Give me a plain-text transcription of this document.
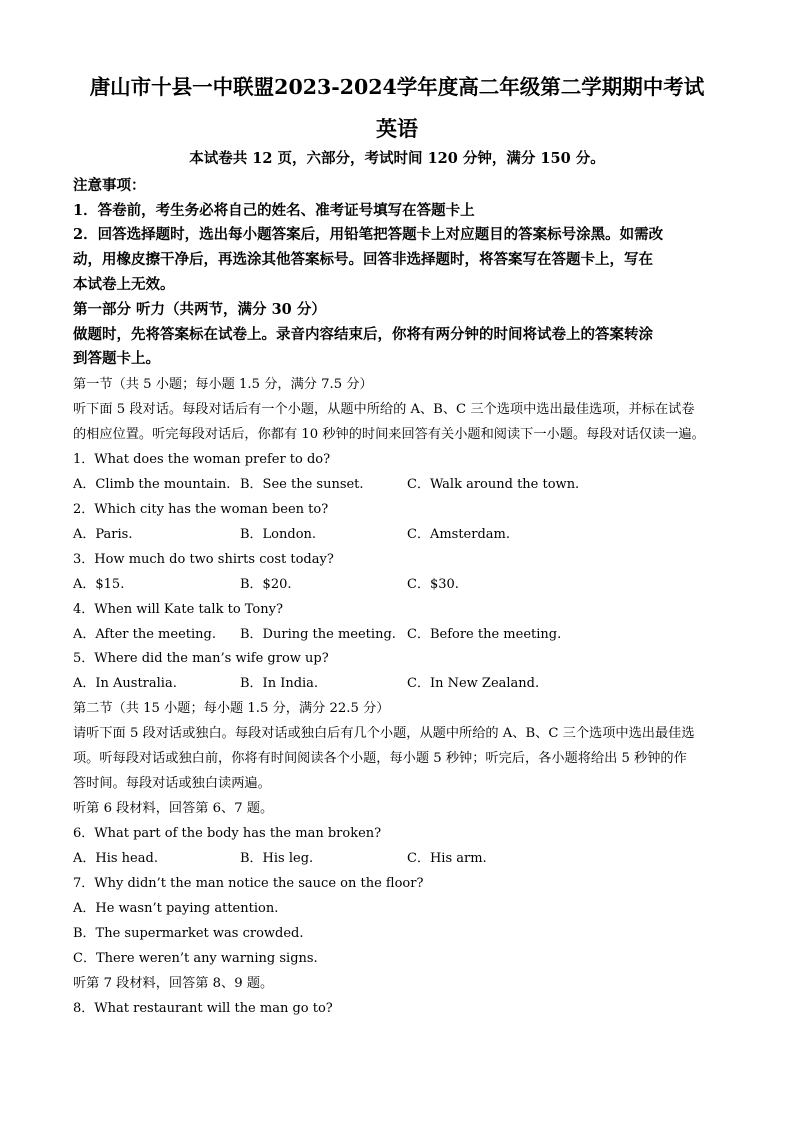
唐山市十县一中联盟2023-2024学年度高二年级第二学期期中考试
英语
本试卷共 12 页，六部分，考试时间 120 分钟，满分 150 分。
注意事项：
1．答卷前，考生务必将自己的姓名、准考证号填写在答题卡上
2．回答选择题时，选出每小题答案后，用铅笔把答题卡上对应题目的答案标号涂黑。如需改
动，用橡皮擦干净后，再选涂其他答案标号。回答非选择题时，将答案写在答题卡上，写在
本试卷上无效。
第一部分 听力（共两节，满分 30 分）
做题时，先将答案标在试卷上。录音内容结束后，你将有两分钟的时间将试卷上的答案转涂
到答题卡上。
第一节（共 5 小题；每小题 1.5 分，满分 7.5 分）
听下面 5 段对话。每段对话后有一个小题，从题中所给的 A、B、C 三个选项中选出最佳选项，并标在试卷
的相应位置。听完每段对话后，你都有 10 秒钟的时间来回答有关小题和阅读下一小题。每段对话仅读一遍。
1．What does the woman prefer to do?
A．Climb the mountain. B．See the sunset.	C．Walk around the town.
2．Which city has the woman been to?
A．Paris.	B．London.	C．Amsterdam.
3．How much do two shirts cost today?
A．$15.	B．$20.	C．$30.
4．When will Kate talk to Tony?
A．After the meeting. B．During the meeting. C．Before the meeting.
5．Where did the man’s wife grow up?
A．In Australia.	B．In India.	C．In New Zealand.
第二节（共 15 小题；每小题 1.5 分，满分 22.5 分）
请听下面 5 段对话或独白。每段对话或独白后有几个小题，从题中所给的 A、B、C 三个选项中选出最佳选
项。听每段对话或独白前，你将有时间阅读各个小题，每小题 5 秒钟；听完后，各小题将给出 5 秒钟的作
答时间。每段对话或独白读两遍。
听第 6 段材料，回答第 6、7 题。
6．What part of the body has the man broken?
A．His head.	B．His leg.	C．His arm.
7．Why didn’t the man notice the sauce on the floor?
A．He wasn’t paying attention.
B．The supermarket was crowded.
C．There weren’t any warning signs.
听第 7 段材料，回答第 8、9 题。
8．What restaurant will the man go to?
